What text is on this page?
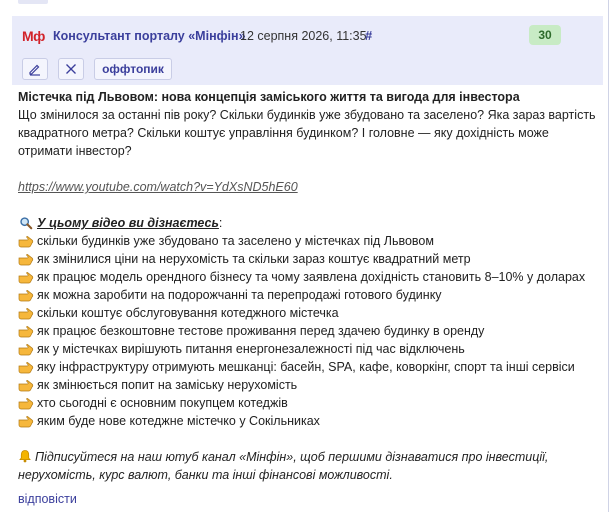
Мф Консультант порталу «Мінфін»
12 серпня 2026, 11:35
#	30
оффтопик
Містечка під Львовом: нова концепція заміського життя та вигода для інвестора
Що змінилося за останні пів року? Скільки будинків уже збудовано та заселено? Яка зараз вартість квадратного метра? Скільки коштує управління будинком? І головне — яку дохідність може отримати інвестор?
https://www.youtube.com/watch?v=YdXsND5hE60
У цьому відео ви дізнаєтесь :
скільки будинків уже збудовано та заселено у містечках під Львовом
як змінилися ціни на нерухомість та скільки зараз коштує квадратний метр
як працює модель орендного бізнесу та чому заявлена дохідність становить 8–10% у доларах
як можна заробити на подорожчанні та перепродажі готового будинку
скільки коштує обслуговування котеджного містечка
як працює безкоштовне тестове проживання перед здачею будинку в оренду
як у містечках вирішують питання енергонезалежності під час відключень
яку інфраструктуру отримують мешканці: басейн, SPA, кафе, коворкінг, спорт та інші сервіси
як змінюється попит на заміську нерухомість
хто сьогодні є основним покупцем котеджів
яким буде нове котеджне містечко у Сокільниках
Підписуйтеся на наш ютуб канал «Мінфін», щоб першими дізнаватися про інвестиції, нерухомість, курс валют, банки та інші фінансові можливості.
відповісти
